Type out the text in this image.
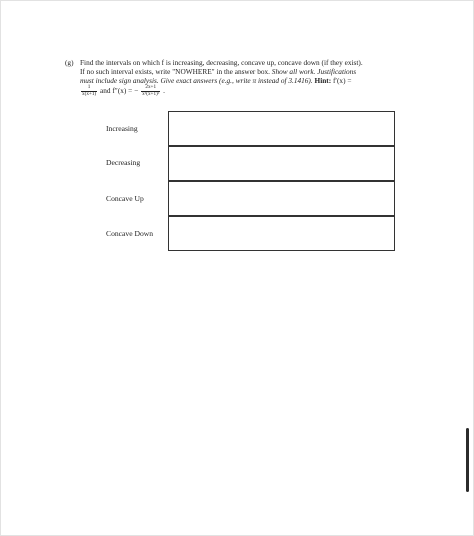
(g) Find the intervals on which f is increasing, decreasing, concave up, concave down (if they exist).
If no such interval exists, write "NOWHERE" in the answer box. Show all work. Justifications
must include sign analysis. Give exact answers (e.g., write π instead of 3.1416). Hint: f′(x) =
$\frac{1}{x(x+1)}$ and f″(x) = − $\frac{2x+1}{\text{x²(x+1)²}}$ .
Increasing
Decreasing
Concave Up
Concave Down
